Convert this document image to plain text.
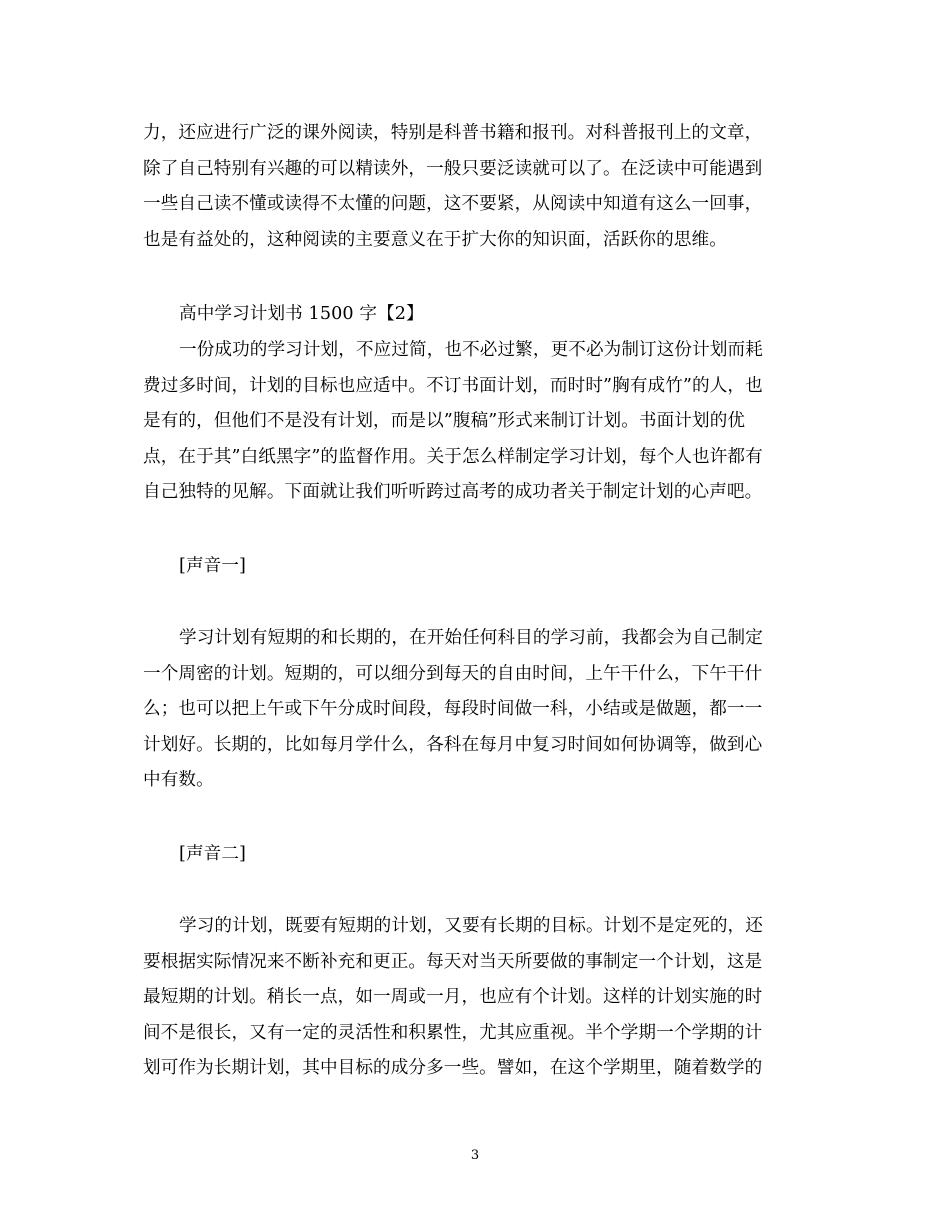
力，还应进行广泛的课外阅读，特别是科普书籍和报刊。对科普报刊上的文章，
除了自己特别有兴趣的可以精读外，一般只要泛读就可以了。在泛读中可能遇到
一些自己读不懂或读得不太懂的问题，这不要紧，从阅读中知道有这么一回事，
也是有益处的，这种阅读的主要意义在于扩大你的知识面，活跃你的思维。
高中学习计划书 1500 字【2】
一份成功的学习计划，不应过简，也不必过繁，更不必为制订这份计划而耗
费过多时间，计划的目标也应适中。不订书面计划，而时时”胸有成竹”的人，也
是有的，但他们不是没有计划，而是以”腹稿”形式来制订计划。书面计划的优
点，在于其”白纸黑字”的监督作用。关于怎么样制定学习计划，每个人也许都有
自己独特的见解。下面就让我们听听跨过高考的成功者关于制定计划的心声吧。
[声音一]
学习计划有短期的和长期的，在开始任何科目的学习前，我都会为自己制定
一个周密的计划。短期的，可以细分到每天的自由时间，上午干什么，下午干什
么；也可以把上午或下午分成时间段，每段时间做一科，小结或是做题，都一一
计划好。长期的，比如每月学什么，各科在每月中复习时间如何协调等，做到心
中有数。
[声音二]
学习的计划，既要有短期的计划，又要有长期的目标。计划不是定死的，还
要根据实际情况来不断补充和更正。每天对当天所要做的事制定一个计划，这是
最短期的计划。稍长一点，如一周或一月，也应有个计划。这样的计划实施的时
间不是很长，又有一定的灵活性和积累性，尤其应重视。半个学期一个学期的计
划可作为长期计划，其中目标的成分多一些。譬如，在这个学期里，随着数学的
3
